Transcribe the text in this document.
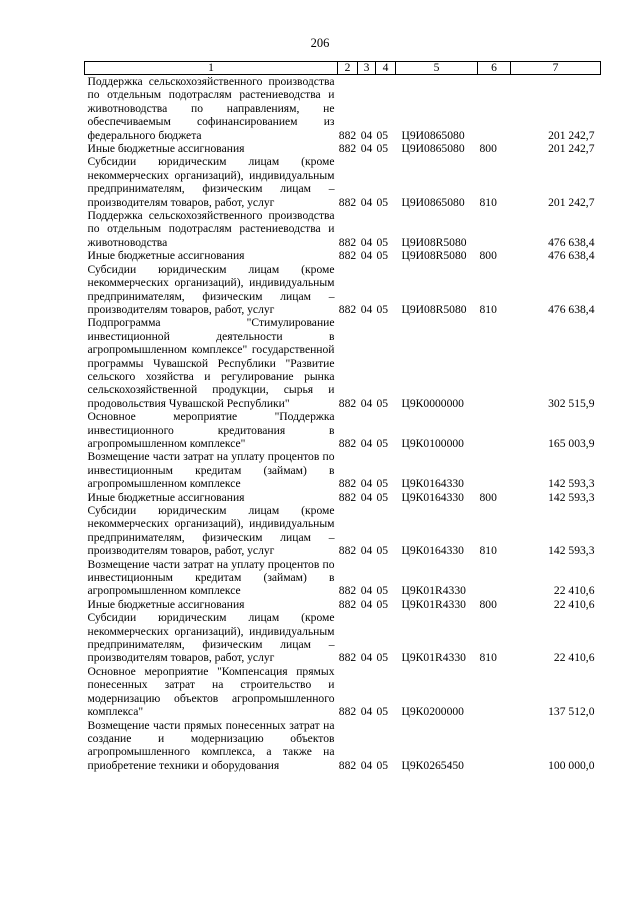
206
1	2	3	4	5	6	7
Поддержка сельскохозяйственного производства по отдельным подотраслям растениеводства и животноводства по направлениям, не обеспечиваемым софинансированием из федерального бюджета	882	04	05	Ц9И0865080		201 242,7
Иные бюджетные ассигнования	882	04	05	Ц9И0865080	800	201 242,7
Субсидии юридическим лицам (кроме некоммерческих организаций), индивидуальным предпринимателям, физическим лицам – производителям товаров, работ, услуг	882	04	05	Ц9И0865080	810	201 242,7
Поддержка сельскохозяйственного производства по отдельным подотраслям растениеводства и животноводства	882	04	05	Ц9И08R5080		476 638,4
Иные бюджетные ассигнования	882	04	05	Ц9И08R5080	800	476 638,4
Субсидии юридическим лицам (кроме некоммерческих организаций), индивидуальным предпринимателям, физическим лицам – производителям товаров, работ, услуг	882	04	05	Ц9И08R5080	810	476 638,4
Подпрограмма "Стимулирование инвестиционной деятельности в агропромышленном комплексе" государственной программы Чувашской Республики "Развитие сельского хозяйства и регулирование рынка сельскохозяйственной продукции, сырья и продовольствия Чувашской Республики"	882	04	05	Ц9К0000000		302 515,9
Основное мероприятие "Поддержка инвестиционного кредитования в агропромышленном комплексе"	882	04	05	Ц9К0100000		165 003,9
Возмещение части затрат на уплату процентов по инвестиционным кредитам (займам) в агропромышленном комплексе	882	04	05	Ц9К0164330		142 593,3
Иные бюджетные ассигнования	882	04	05	Ц9К0164330	800	142 593,3
Субсидии юридическим лицам (кроме некоммерческих организаций), индивидуальным предпринимателям, физическим лицам – производителям товаров, работ, услуг	882	04	05	Ц9К0164330	810	142 593,3
Возмещение части затрат на уплату процентов по инвестиционным кредитам (займам) в агропромышленном комплексе	882	04	05	Ц9К01R4330		22 410,6
Иные бюджетные ассигнования	882	04	05	Ц9К01R4330	800	22 410,6
Субсидии юридическим лицам (кроме некоммерческих организаций), индивидуальным предпринимателям, физическим лицам – производителям товаров, работ, услуг	882	04	05	Ц9К01R4330	810	22 410,6
Основное мероприятие "Компенсация прямых понесенных затрат на строительство и модернизацию объектов агропромышленного комплекса"	882	04	05	Ц9К0200000		137 512,0
Возмещение части прямых понесенных затрат на создание и модернизацию объектов агропромышленного комплекса, а также на приобретение техники и оборудования	882	04	05	Ц9К0265450		100 000,0
